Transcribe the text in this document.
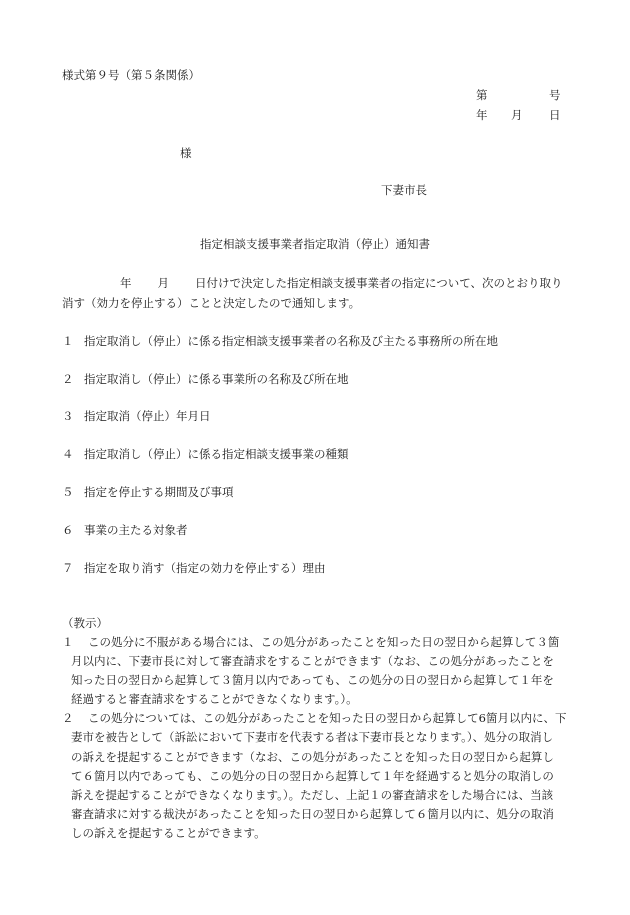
様式第９号（第５条関係）
第	号
年 月 日
様
下妻市長
指定相談支援事業者指定取消（停止）通知書
年 月 日付けで決定した指定相談支援事業者の指定について、次のとおり取り
消す（効力を停止する）ことと決定したので通知します。
１ 指定取消し（停止）に係る指定相談支援事業者の名称及び主たる事務所の所在地
２ 指定取消し（停止）に係る事業所の名称及び所在地
３ 指定取消（停止）年月日
４ 指定取消し（停止）に係る指定相談支援事業の種類
５ 指定を停止する期間及び事項
６ 事業の主たる対象者
７ 指定を取り消す（指定の効力を停止する）理由
（教示）
１	この処分に不服がある場合には、この処分があったことを知った日の翌日から起算して３箇
月以内に、下妻市長に対して審査請求をすることができます（なお、この処分があったことを
知った日の翌日から起算して３箇月以内であっても、この処分の日の翌日から起算して１年を
経過すると審査請求をすることができなくなります。）。
２	この処分については、この処分があったことを知った日の翌日から起算して6箇月以内に、下
妻市を被告として（訴訟において下妻市を代表する者は下妻市長となります。）、処分の取消し
の訴えを提起することができます（なお、この処分があったことを知った日の翌日から起算し
て６箇月以内であっても、この処分の日の翌日から起算して１年を経過すると処分の取消しの
訴えを提起することができなくなります。）。ただし、上記１の審査請求をした場合には、当該
審査請求に対する裁決があったことを知った日の翌日から起算して６箇月以内に、処分の取消
しの訴えを提起することができます。
